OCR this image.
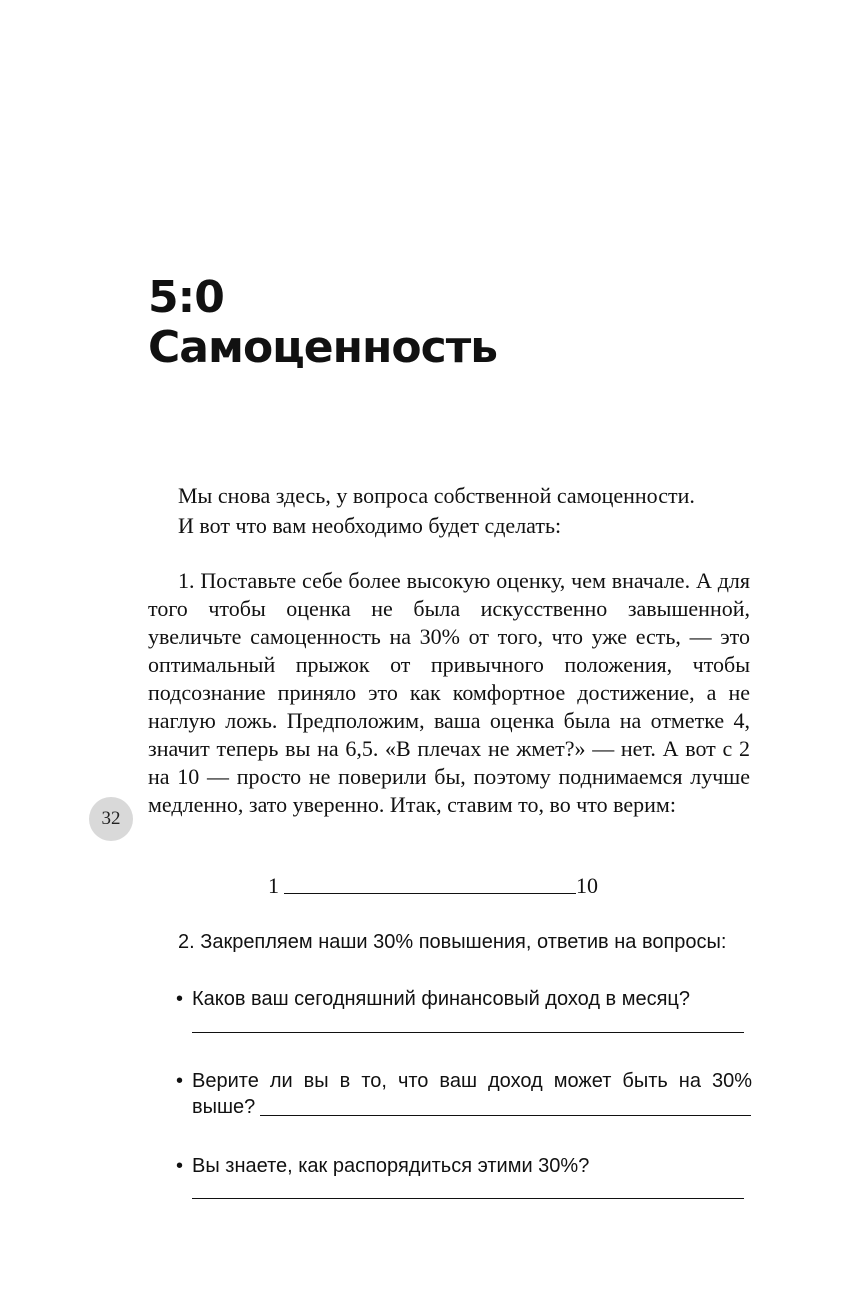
5:0
Самоценность
Мы снова здесь, у вопроса собственной самоценности.
И вот что вам необходимо будет сделать:
1. Поставьте себе более высокую оценку, чем вначале. А для того чтобы оценка не была искусственно завышенной, увеличьте самоценность на 30% от того, что уже есть, — это оптимальный прыжок от привычного положения, чтобы подсознание приняло это как комфортное достижение, а не наглую ложь. Предположим, ваша оценка была на отметке 4, значит теперь вы на 6,5. «В плечах не жмет?» — нет. А вот с 2 на 10 — просто не поверили бы, поэтому поднимаемся лучше медленно, зато уверенно. Итак, ставим то, во что верим:
32
1	10
2. Закрепляем наши 30% повышения, ответив на вопросы:
• Каков ваш сегодняшний финансовый доход в месяц?
• Верите ли вы в то, что ваш доход может быть на 30% выше?
• Вы знаете, как распорядиться этими 30%?
